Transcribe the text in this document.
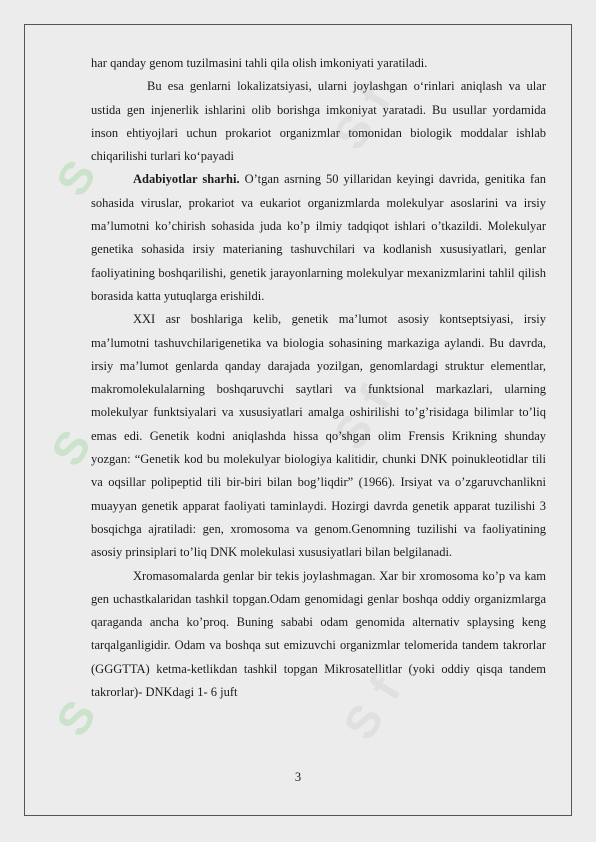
S
S f
S	S f
S	S f

har qanday genom tuzilmasini tahli qila olish imkoniyati yaratiladi.

Bu esa genlarni lokalizatsiyasi, ularni joylashgan o‘rinlari aniqlash va ular ustida gen injenerlik ishlarini olib borishga imkoniyat yaratadi. Bu usullar yordamida inson ehtiyojlari uchun prokariot organizmlar tomonidan biologik moddalar ishlab chiqarilishi turlari ko‘payadi

Adabiyotlar sharhi. O’tgan asrning 50 yillaridan keyingi davrida, genitika fan sohasida viruslar, prokariot va eukariot organizmlarda molekulyar asoslarini va irsiy ma’lumotni ko’chirish sohasida juda ko’p ilmiy tadqiqot ishlari o’tkazildi. Molekulyar genetika sohasida irsiy materianing tashuvchilari va kodlanish xususiyatlari, genlar faoliyatining boshqarilishi, genetik jarayonlarning molekulyar mexanizmlarini tahlil qilish borasida katta yutuqlarga erishildi.

XXI asr boshlariga kelib, genetik ma’lumot asosiy kontseptsiyasi, irsiy ma’lumotni tashuvchilarigenetika va biologia sohasining markaziga aylandi. Bu davrda, irsiy ma’lumot genlarda qanday darajada yozilgan, genomlardagi struktur elementlar, makromolekulalarning boshqaruvchi saytlari va funktsional markazlari, ularning molekulyar funktsiyalari va xususiyatlari amalga oshirilishi to’g’risidaga bilimlar to’liq emas edi. Genetik kodni aniqlashda hissa qo’shgan olim Frensis Krikning shunday yozgan: “Genetik kod bu molekulyar biologiya kalitidir, chunki DNK poinukleotidlar tili va oqsillar polipeptid tili bir-biri bilan bog’liqdir” (1966). Irsiyat va o’zgaruvchanlikni muayyan genetik apparat faoliyati taminlaydi. Hozirgi davrda genetik apparat tuzilishi 3 bosqichga ajratiladi: gen, xromosoma va genom.Genomning tuzilishi va faoliyatining asosiy prinsiplari to’liq DNK molekulasi xususiyatlari bilan belgilanadi.

Xromasomalarda genlar bir tekis joylashmagan. Xar bir xromosoma ko’p va kam gen uchastkalaridan tashkil topgan.Odam genomidagi genlar boshqa oddiy organizmlarga qaraganda ancha ko’proq. Buning sababi odam genomida alternativ splaysing keng tarqalganligidir. Odam va boshqa sut emizuvchi organizmlar telomerida tandem takrorlar (GGGTTA) ketma-ketlikdan tashkil topgan Mikrosatellitlar (yoki oddiy qisqa tandem takrorlar)- DNKdagi 1- 6 juft

3
